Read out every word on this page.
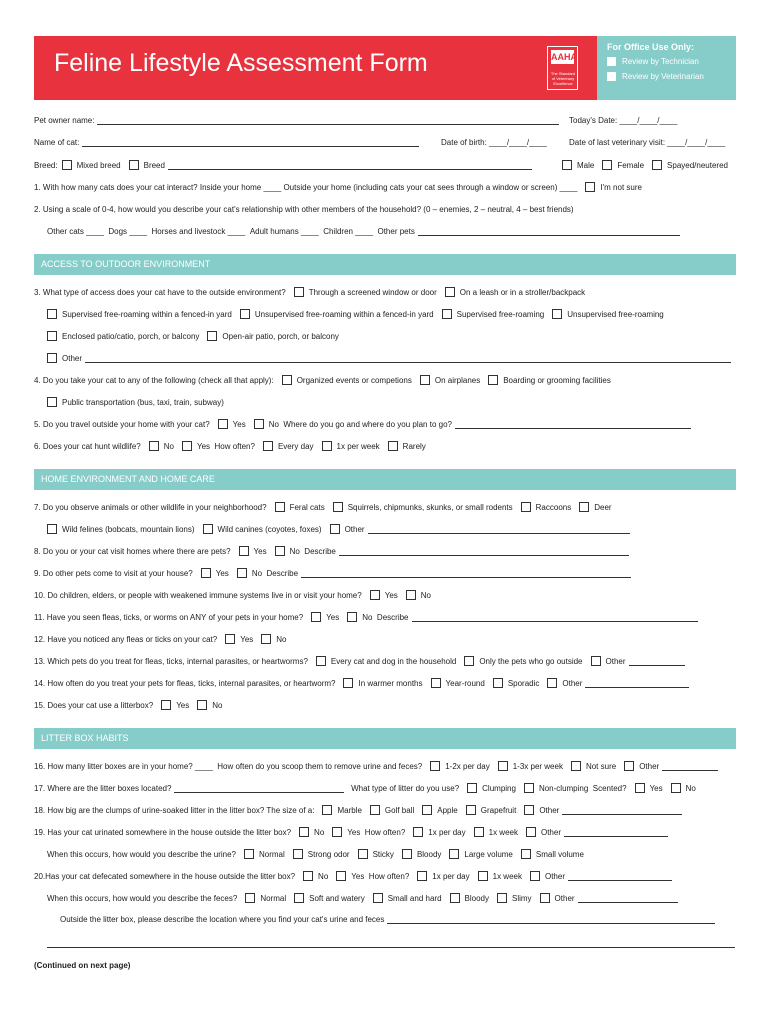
Feline Lifestyle Assessment Form	AAHA
The Standard of Veterinary Excellence
For Office Use Only:
Review by Technician
Review by Veterinarian
Pet owner name:	Today's Date:
____/____/____
Name of cat:	Date of birth:
____/____/____	Date of last veterinary visit:
____/____/____
Breed: Mixed breed	Breed	Male	Female	Spayed/neutered
1. With how many cats does your cat interact? Inside your home ____ Outside your home (including cats your cat sees through a window or screen) ____	I'm not sure
2. Using a scale of 0-4, how would you describe your cat's relationship with other members of the household? (0 – enemies, 2 – neutral, 4 – best friends)
Other cats ____
Dogs ____
Horses and livestock ____
Adult humans ____
Children ____
Other pets
ACCESS TO OUTDOOR ENVIRONMENT
3. What type of access does your cat have to the outside environment?	Through a screened window or door	On a leash or in a stroller/backpack
Supervised free-roaming within a fenced-in yard	Unsupervised free-roaming within a fenced-in yard	Supervised free-roaming	Unsupervised free-roaming
Enclosed patio/catio, porch, or balcony	Open-air patio, porch, or balcony
Other
4. Do you take your cat to any of the following (check all that apply):	Organized events or competions	On airplanes	Boarding or grooming facilities
Public transportation (bus, taxi, train, subway)
5. Do you travel outside your home with your cat?	Yes	No
Where do you go and where do you plan to go?
6. Does your cat hunt wildlife?	No	Yes
How often?	Every day	1x per week	Rarely
HOME ENVIRONMENT AND HOME CARE
7. Do you observe animals or other wildlife in your neighborhood?	Feral cats	Squirrels, chipmunks, skunks, or small rodents	Raccoons	Deer
Wild felines (bobcats, mountain lions)	Wild canines (coyotes, foxes)	Other
8. Do you or your cat visit homes where there are pets?	Yes	No
Describe
9. Do other pets come to visit at your house?	Yes	No
Describe
10. Do children, elders, or people with weakened immune systems live in or visit your home?	Yes	No
11. Have you seen fleas, ticks, or worms on ANY of your pets in your home?	Yes	No
Describe
12. Have you noticed any fleas or ticks on your cat?	Yes	No
13. Which pets do you treat for fleas, ticks, internal parasites, or heartworms?	Every cat and dog in the household	Only the pets who go outside	Other
14. How often do you treat your pets for fleas, ticks, internal parasites, or heartworm?	In warmer months	Year-round	Sporadic	Other
15. Does your cat use a litterbox?	Yes	No
LITTER BOX HABITS
16. How many litter boxes are in your home? ____
How often do you scoop them to remove urine and feces?	1-2x per day	1-3x per week	Not sure	Other
17. Where are the litter boxes located?
	What type of litter do you use?	Clumping	Non-clumping
Scented?	Yes	No
18. How big are the clumps of urine-soaked litter in the litter box? The size of a:	Marble	Golf ball	Apple	Grapefruit	Other
19. Has your cat urinated somewhere in the house outside the litter box?	No	Yes
How often?	1x per day	1x week	Other
When this occurs, how would you describe the urine?	Normal	Strong odor	Sticky	Bloody	Large volume	Small volume
20.Has your cat defecated somewhere in the house outside the litter box?	No	Yes
How often?	1x per day	1x week	Other
When this occurs, how would you describe the feces?	Normal	Soft and watery	Small and hard	Bloody	Slimy	Other
Outside the litter box, please describe the location where you find your cat's urine and feces
(Continued on next page)
